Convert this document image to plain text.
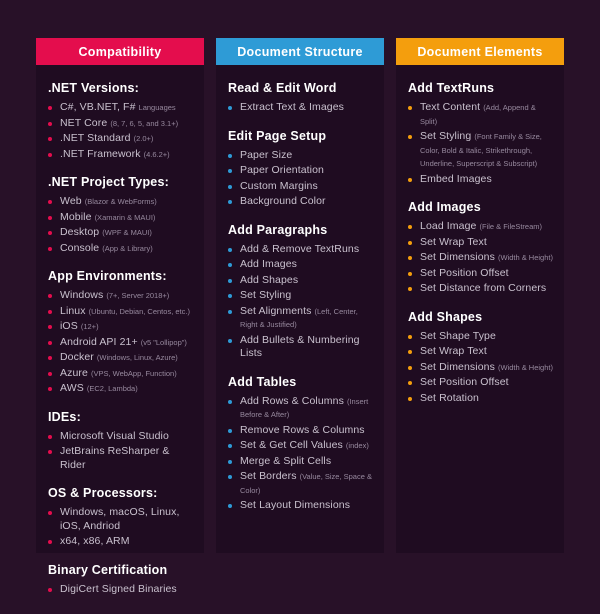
Compatibility
.NET Versions:
C#, VB.NET, F# Languages
NET Core (8, 7, 6, 5, and 3.1+)
.NET Standard (2.0+)
.NET Framework (4.6.2+)
.NET Project Types:
Web (Blazor & WebForms)
Mobile (Xamarin & MAUI)
Desktop (WPF & MAUI)
Console (App & Library)
App Environments:
Windows (7+, Server 2018+)
Linux (Ubuntu, Debian, Centos, etc.)
iOS (12+)
Android API 21+ (v5 "Lollipop")
Docker (Windows, Linux, Azure)
Azure (VPS, WebApp, Function)
AWS (EC2, Lambda)
IDEs:
Microsoft Visual Studio
JetBrains ReSharper & Rider
OS & Processors:
Windows, macOS, Linux, iOS, Andriod
x64, x86, ARM
Binary Certification
DigiCert Signed Binaries
Document Structure
Read & Edit Word
Extract Text & Images
Edit Page Setup
Paper Size
Paper Orientation
Custom Margins
Background Color
Add Paragraphs
Add & Remove TextRuns
Add Images
Add Shapes
Set Styling
Set Alignments (Left, Center, Right & Justified)
Add Bullets & Numbering Lists
Add Tables
Add Rows & Columns (Insert Before & After)
Remove Rows & Columns
Set & Get Cell Values (index)
Merge & Split Cells
Set Borders (Value, Size, Space & Color)
Set Layout Dimensions
Document Elements
Add TextRuns
Text Content (Add, Append & Split)
Set Styling (Font Family & Size, Color, Bold & Italic, Strikethrough, Underline, Superscript & Subscript)
Embed Images
Add Images
Load Image (File & FileStream)
Set Wrap Text
Set Dimensions (Width & Height)
Set Position Offset
Set Distance from Corners
Add Shapes
Set Shape Type
Set Wrap Text
Set Dimensions (Width & Height)
Set Position Offset
Set Rotation
